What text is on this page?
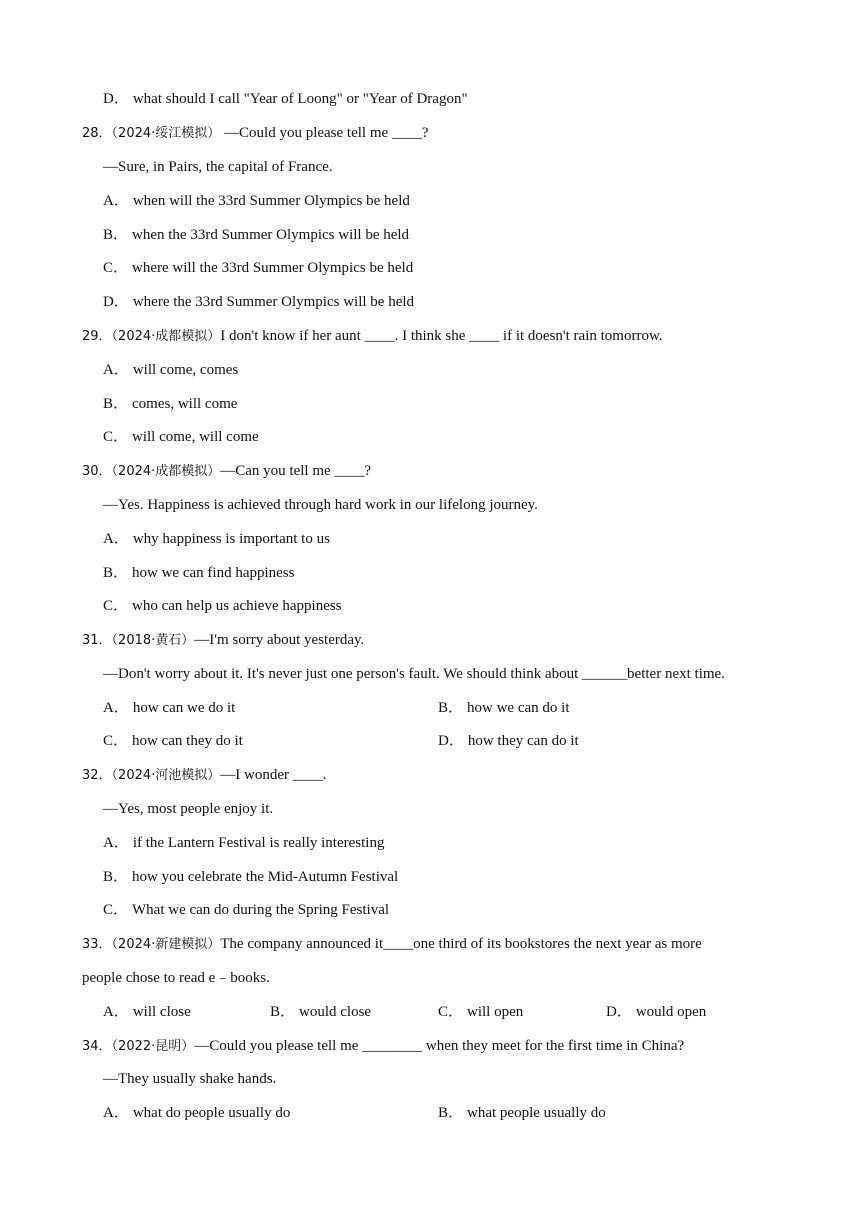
D． what should I call "Year of Loong" or "Year of Dragon"
28．（2024·绥江模拟） —Could you please tell me ____?
—Sure, in Pairs, the capital of France.
A． when will the 33rd Summer Olympics be held
B． when the 33rd Summer Olympics will be held
C． where will the 33rd Summer Olympics be held
D． where the 33rd Summer Olympics will be held
29．（2024·成都模拟）I don't know if her aunt ____. I think she ____ if it doesn't rain tomorrow.
A． will come, comes
B． comes, will come
C． will come, will come
30．（2024·成都模拟）—Can you tell me ____?
—Yes. Happiness is achieved through hard work in our lifelong journey.
A． why happiness is important to us
B． how we can find happiness
C． who can help us achieve happiness
31．（2018·黄石）—I'm sorry about yesterday.
—Don't worry about it. It's never just one person's fault. We should think about ______better next time.
A． how can we do it	B． how we can do it
C． how can they do it	D． how they can do it
32．（2024·河池模拟）—I wonder ____.
—Yes, most people enjoy it.
A． if the Lantern Festival is really interesting
B． how you celebrate the Mid-Autumn Festival
C． What we can do during the Spring Festival
33．（2024·新建模拟）The company announced it____one third of its bookstores the next year as more
people chose to read e﹣books.
A． will close	B． would close	C． will open	D． would open
34．（2022·昆明）—Could you please tell me ________ when they meet for the first time in China?
—They usually shake hands.
A． what do people usually do	B． what people usually do
